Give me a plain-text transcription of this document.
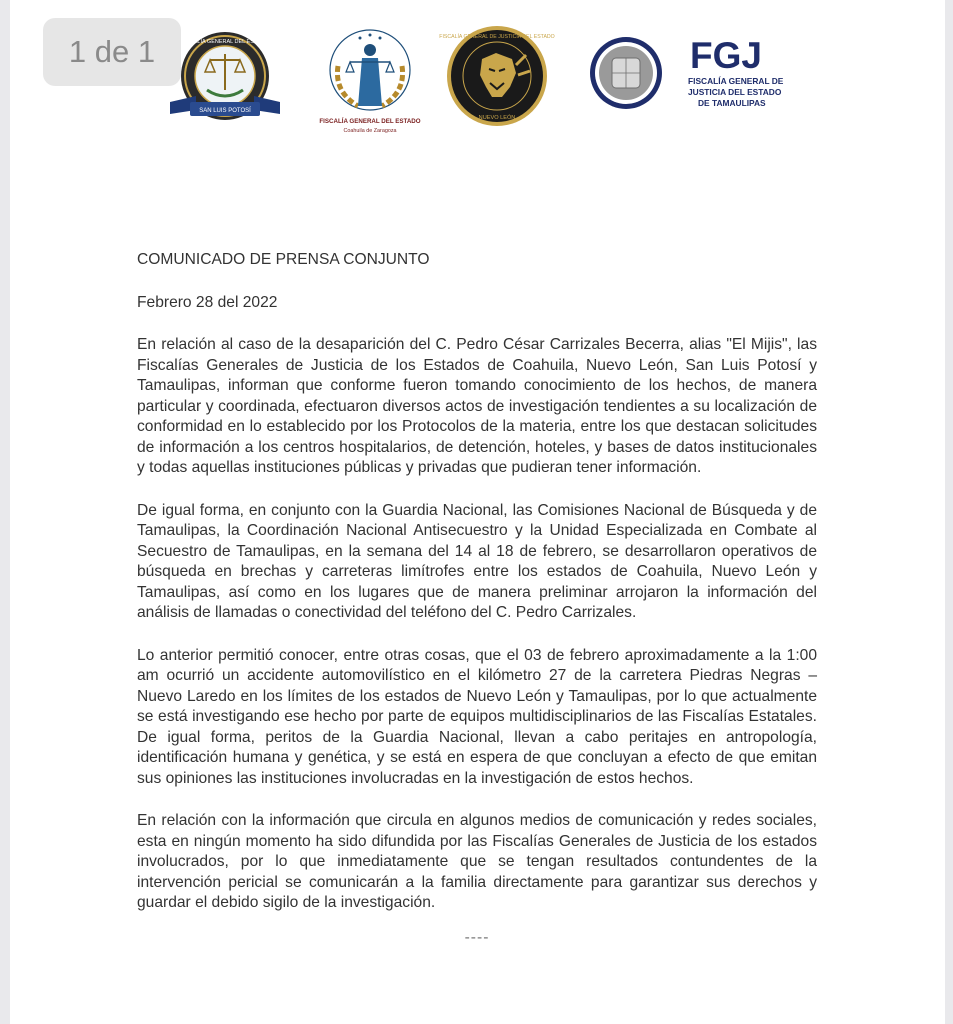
SAN LUIS POTOSÍ
FISCALÍA GENERAL DEL ESTADO
FISCALÍA GENERAL DEL ESTADO
Coahuila de Zaragoza
FISCALÍA GENERAL DE JUSTICIA DEL ESTADO
NUEVO LEÓN
FGJ
FISCALÍA GENERAL DE
JUSTICIA DEL ESTADO
DE TAMAULIPAS
1 de 1

COMUNICADO DE PRENSA CONJUNTO

Febrero 28 del 2022

En relación al caso de la desaparición del C. Pedro César Carrizales Becerra, alias "El Mijis", las Fiscalías Generales de Justicia de los Estados de Coahuila, Nuevo León, San Luis Potosí y Tamaulipas, informan que conforme fueron tomando conocimiento de los hechos, de manera particular y coordinada, efectuaron diversos actos de investigación tendientes a su localización de conformidad en lo establecido por los Protocolos de la materia, entre los que destacan solicitudes de información a los centros hospitalarios, de detención, hoteles, y bases de datos institucionales y todas aquellas instituciones públicas y privadas que pudieran tener información.

De igual forma, en conjunto con la Guardia Nacional, las Comisiones Nacional de Búsqueda y de Tamaulipas, la Coordinación Nacional Antisecuestro y la Unidad Especializada en Combate al Secuestro de Tamaulipas, en la semana del 14 al 18 de febrero, se desarrollaron operativos de búsqueda en brechas y carreteras limítrofes entre los estados de Coahuila, Nuevo León y Tamaulipas, así como en los lugares que de manera preliminar arrojaron la información del análisis de llamadas o conectividad del teléfono del C. Pedro Carrizales.

Lo anterior permitió conocer, entre otras cosas, que el 03 de febrero aproximadamente a la 1:00 am ocurrió un accidente automovilístico en el kilómetro 27 de la carretera Piedras Negras – Nuevo Laredo en los límites de los estados de Nuevo León y Tamaulipas, por lo que actualmente se está investigando ese hecho por parte de equipos multidisciplinarios de las Fiscalías Estatales. De igual forma, peritos de la Guardia Nacional, llevan a cabo peritajes en antropología, identificación humana y genética, y se está en espera de que concluyan a efecto de que emitan sus opiniones las instituciones involucradas en la investigación de estos hechos.

En relación con la información que circula en algunos medios de comunicación y redes sociales, esta en ningún momento ha sido difundida por las Fiscalías Generales de Justicia de los estados involucrados, por lo que inmediatamente que se tengan resultados contundentes de la intervención pericial se comunicarán a la familia directamente para garantizar sus derechos y guardar el debido sigilo de la investigación.

----
